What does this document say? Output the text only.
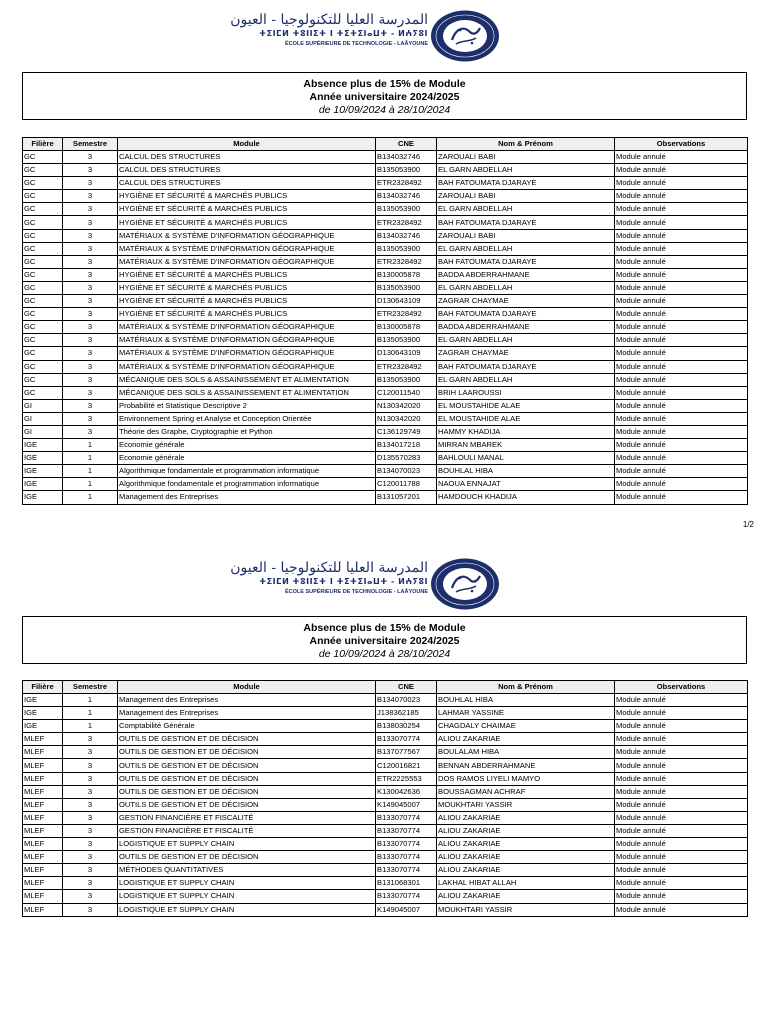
المدرسة العليا للتكنولوجيا - العيون
ⵜⵉⵏⵎⵍ ⵜⵓⵏⵏⵉⵜ ⵏ ⵜⵉⵜⵉⵏⴰⵡⵜ - ⵍⵄⵢⵓⵏ
ÉCOLE SUPÉRIEURE DE TECHNOLOGIE - LAÂYOUNE
Absence plus de 15% de Module
Année universitaire 2024/2025
de 10/09/2024 à 28/10/2024
Filière	Semestre	Module	CNE	Nom & Prénom	Observations
GC	3	CALCUL DES STRUCTURES	B134032746	ZAROUALI BABI	Module annulé
GC	3	CALCUL DES STRUCTURES	B135053900	EL GARN ABDELLAH	Module annulé
GC	3	CALCUL DES STRUCTURES	ETR2328492	BAH FATOUMATA DJARAYE	Module annulé
GC	3	HYGIÈNE ET SÉCURITÉ & MARCHÉS PUBLICS	B134032746	ZAROUALI BABI	Module annulé
GC	3	HYGIÈNE ET SÉCURITÉ & MARCHÉS PUBLICS	B135053900	EL GARN ABDELLAH	Module annulé
GC	3	HYGIÈNE ET SÉCURITÉ & MARCHÉS PUBLICS	ETR2328492	BAH FATOUMATA DJARAYE	Module annulé
GC	3	MATÉRIAUX & SYSTÈME D'INFORMATION GÉOGRAPHIQUE	B134032746	ZAROUALI BABI	Module annulé
GC	3	MATÉRIAUX & SYSTÈME D'INFORMATION GÉOGRAPHIQUE	B135053900	EL GARN ABDELLAH	Module annulé
GC	3	MATÉRIAUX & SYSTÈME D'INFORMATION GÉOGRAPHIQUE	ETR2328492	BAH FATOUMATA DJARAYE	Module annulé
GC	3	HYGIÈNE ET SÉCURITÉ & MARCHÉS PUBLICS	B130005878	BADDA ABDERRAHMANE	Module annulé
GC	3	HYGIÈNE ET SÉCURITÉ & MARCHÉS PUBLICS	B135053900	EL GARN ABDELLAH	Module annulé
GC	3	HYGIÈNE ET SÉCURITÉ & MARCHÉS PUBLICS	D130643109	ZAGRAR CHAYMAE	Module annulé
GC	3	HYGIÈNE ET SÉCURITÉ & MARCHÉS PUBLICS	ETR2328492	BAH FATOUMATA DJARAYE	Module annulé
GC	3	MATÉRIAUX & SYSTÈME D'INFORMATION GÉOGRAPHIQUE	B130005878	BADDA ABDERRAHMANE	Module annulé
GC	3	MATÉRIAUX & SYSTÈME D'INFORMATION GÉOGRAPHIQUE	B135053900	EL GARN ABDELLAH	Module annulé
GC	3	MATÉRIAUX & SYSTÈME D'INFORMATION GÉOGRAPHIQUE	D130643109	ZAGRAR CHAYMAE	Module annulé
GC	3	MATÉRIAUX & SYSTÈME D'INFORMATION GÉOGRAPHIQUE	ETR2328492	BAH FATOUMATA DJARAYE	Module annulé
GC	3	MÉCANIQUE DES SOLS & ASSAINISSEMENT ET ALIMENTATION	B135053900	EL GARN ABDELLAH	Module annulé
GC	3	MÉCANIQUE DES SOLS & ASSAINISSEMENT ET ALIMENTATION	C120011540	BRIH LAAROUSSI	Module annulé
GI	3	Probabilité et Statistique Descriptive 2	N130342020	EL MOUSTAHIDE ALAE	Module annulé
GI	3	Environnement Spring et Analyse et Conception Orientée	N130342020	EL MOUSTAHIDE ALAE	Module annulé
GI	3	Théorie des Graphe, Cryptographie et Python	C136129749	HAMMY KHADIJA	Module annulé
IGE	1	Economie générale	B134017218	MIRRAN MBAREK	Module annulé
IGE	1	Economie générale	D135570283	BAHLOULI MANAL	Module annulé
IGE	1	Algorithmique fondamentale et programmation informatique	B134070023	BOUHLAL HIBA	Module annulé
IGE	1	Algorithmique fondamentale et programmation informatique	C120011788	NAOUA ENNAJAT	Module annulé
IGE	1	Management des Entreprises	B131057201	HAMDOUCH KHADIJA	Module annulé
1/2
المدرسة العليا للتكنولوجيا - العيون
ⵜⵉⵏⵎⵍ ⵜⵓⵏⵏⵉⵜ ⵏ ⵜⵉⵜⵉⵏⴰⵡⵜ - ⵍⵄⵢⵓⵏ
ÉCOLE SUPÉRIEURE DE TECHNOLOGIE - LAÂYOUNE
Absence plus de 15% de Module
Année universitaire 2024/2025
de 10/09/2024 à 28/10/2024
Filière	Semestre	Module	CNE	Nom & Prénom	Observations
IGE	1	Management des Entreprises	B134070023	BOUHLAL HIBA	Module annulé
IGE	1	Management des Entreprises	J138362185	LAHMAR YASSINE	Module annulé
IGE	1	Comptabilité Générale	B138030254	CHAGDALY CHAIMAE	Module annulé
MLEF	3	OUTILS DE GESTION ET DE DÉCISION	B133070774	ALIOU ZAKARIAE	Module annulé
MLEF	3	OUTILS DE GESTION ET DE DÉCISION	B137077567	BOULALAM HIBA	Module annulé
MLEF	3	OUTILS DE GESTION ET DE DÉCISION	C120016821	BENNAN ABDERRAHMANE	Module annulé
MLEF	3	OUTILS DE GESTION ET DE DÉCISION	ETR2225553	DOS RAMOS LIYELI MAMYO	Module annulé
MLEF	3	OUTILS DE GESTION ET DE DÉCISION	K130042636	BOUSSAGMAN ACHRAF	Module annulé
MLEF	3	OUTILS DE GESTION ET DE DÉCISION	K149045007	MOUKHTARI YASSIR	Module annulé
MLEF	3	GESTION FINANCIÈRE ET FISCALITÉ	B133070774	ALIOU ZAKARIAE	Module annulé
MLEF	3	GESTION FINANCIÈRE ET FISCALITÉ	B133070774	ALIOU ZAKARIAE	Module annulé
MLEF	3	LOGISTIQUE ET SUPPLY CHAIN	B133070774	ALIOU ZAKARIAE	Module annulé
MLEF	3	OUTILS DE GESTION ET DE DÉCISION	B133070774	ALIOU ZAKARIAE	Module annulé
MLEF	3	MÉTHODES QUANTITATIVES	B133070774	ALIOU ZAKARIAE	Module annulé
MLEF	3	LOGISTIQUE ET SUPPLY CHAIN	B131068301	LAKHAL HIBAT ALLAH	Module annulé
MLEF	3	LOGISTIQUE ET SUPPLY CHAIN	B133070774	ALIOU ZAKARIAE	Module annulé
MLEF	3	LOGISTIQUE ET SUPPLY CHAIN	K149045007	MOUKHTARI YASSIR	Module annulé
